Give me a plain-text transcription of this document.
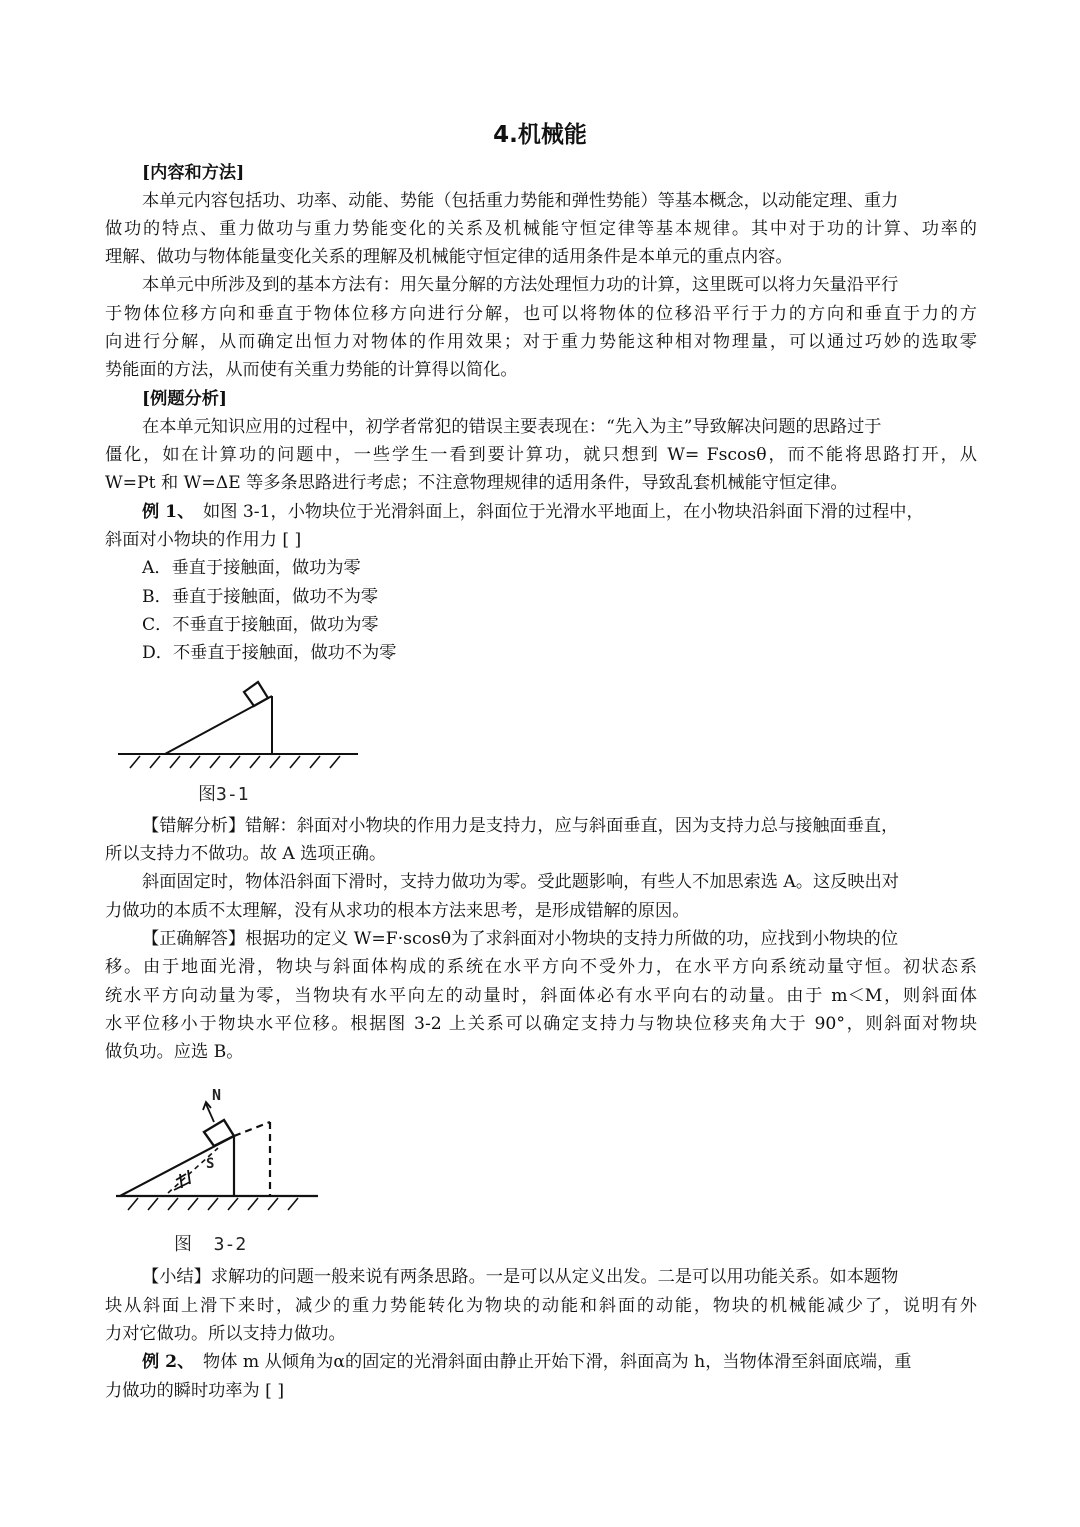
4.机械能
[内容和方法]
本单元内容包括功、功率、动能、势能（包括重力势能和弹性势能）等基本概念，以动能定理、重力
做功的特点、重力做功与重力势能变化的关系及机械能守恒定律等基本规律。其中对于功的计算、功率的
理解、做功与物体能量变化关系的理解及机械能守恒定律的适用条件是本单元的重点内容。
本单元中所涉及到的基本方法有：用矢量分解的方法处理恒力功的计算，这里既可以将力矢量沿平行
于物体位移方向和垂直于物体位移方向进行分解，也可以将物体的位移沿平行于力的方向和垂直于力的方
向进行分解，从而确定出恒力对物体的作用效果；对于重力势能这种相对物理量，可以通过巧妙的选取零
势能面的方法，从而使有关重力势能的计算得以简化。
[例题分析]
在本单元知识应用的过程中，初学者常犯的错误主要表现在：“先入为主”导致解决问题的思路过于
僵化，如在计算功的问题中，一些学生一看到要计算功，就只想到 W= Fscosθ，而不能将思路打开，从
W=Pt 和 W=ΔE 等多条思路进行考虑；不注意物理规律的适用条件，导致乱套机械能守恒定律。
例 1、 如图 3-1，小物块位于光滑斜面上，斜面位于光滑水平地面上，在小物块沿斜面下滑的过程中，
斜面对小物块的作用力 [ ]
A．垂直于接触面，做功为零
B．垂直于接触面，做功不为零
C．不垂直于接触面，做功为零
D．不垂直于接触面，做功不为零
图3-1
【错解分析】错解：斜面对小物块的作用力是支持力，应与斜面垂直，因为支持力总与接触面垂直，
所以支持力不做功。故 A 选项正确。
斜面固定时，物体沿斜面下滑时，支持力做功为零。受此题影响，有些人不加思索选 A。这反映出对
力做功的本质不太理解，没有从求功的根本方法来思考，是形成错解的原因。
【正确解答】根据功的定义 W=F·scosθ为了求斜面对小物块的支持力所做的功，应找到小物块的位
移。由于地面光滑，物块与斜面体构成的系统在水平方向不受外力，在水平方向系统动量守恒。初状态系
统水平方向动量为零，当物块有水平向左的动量时，斜面体必有水平向右的动量。由于 m＜M，则斜面体
水平位移小于物块水平位移。根据图 3-2 上关系可以确定支持力与物块位移夹角大于 90°，则斜面对物块
做负功。应选 B。
N
S
图  3-2
【小结】求解功的问题一般来说有两条思路。一是可以从定义出发。二是可以用功能关系。如本题物
块从斜面上滑下来时，减少的重力势能转化为物块的动能和斜面的动能，物块的机械能减少了，说明有外
力对它做功。所以支持力做功。
例 2、 物体 m 从倾角为α的固定的光滑斜面由静止开始下滑，斜面高为 h，当物体滑至斜面底端，重
力做功的瞬时功率为 [ ]
